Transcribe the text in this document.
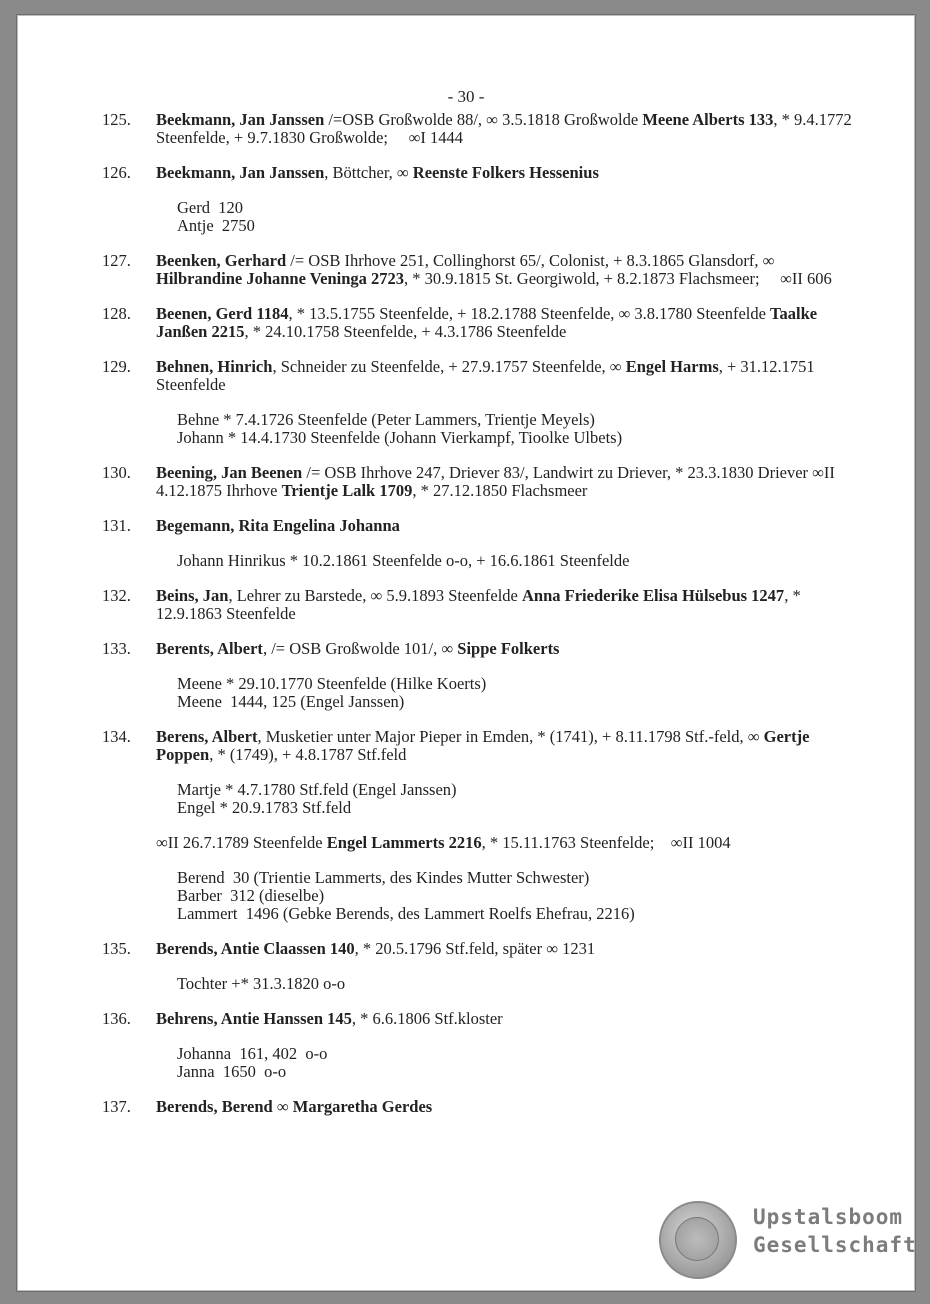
- 30 -
125. Beekmann, Jan Janssen /=OSB Großwolde 88/, ∞ 3.5.1818 Großwolde Meene Alberts 133, * 9.4.1772 Steenfelde, + 9.7.1830 Großwolde;     ∞I 1444
126. Beekmann, Jan Janssen, Böttcher, ∞ Reenste Folkers Hessenius
Gerd  120
Antje  2750
127. Beenken, Gerhard /= OSB Ihrhove 251, Collinghorst 65/, Colonist, + 8.3.1865 Glansdorf, ∞ Hilbrandine Johanne Veninga 2723, * 30.9.1815 St. Georgiwold, + 8.2.1873 Flachsmeer;     ∞II 606
128. Beenen, Gerd 1184, * 13.5.1755 Steenfelde, + 18.2.1788 Steenfelde, ∞ 3.8.1780 Steenfelde Taalke Janßen 2215, * 24.10.1758 Steenfelde, + 4.3.1786 Steenfelde
129. Behnen, Hinrich, Schneider zu Steenfelde, + 27.9.1757 Steenfelde, ∞ Engel Harms, + 31.12.1751 Steenfelde
Behne * 7.4.1726 Steenfelde (Peter Lammers, Trientje Meyels)
Johann * 14.4.1730 Steenfelde (Johann Vierkampf, Tioolke Ulbets)
130. Beening, Jan Beenen /= OSB Ihrhove 247, Driever 83/, Landwirt zu Driever, * 23.3.1830 Driever ∞II 4.12.1875 Ihrhove Trientje Lalk 1709, * 27.12.1850 Flachsmeer
131. Begemann, Rita Engelina Johanna
Johann Hinrikus * 10.2.1861 Steenfelde o-o, + 16.6.1861 Steenfelde
132. Beins, Jan, Lehrer zu Barstede, ∞ 5.9.1893 Steenfelde Anna Friederike Elisa Hülsebus 1247, * 12.9.1863 Steenfelde
133. Berents, Albert, /= OSB Großwolde 101/, ∞ Sippe Folkerts
Meene * 29.10.1770 Steenfelde (Hilke Koerts)
Meene  1444, 125 (Engel Janssen)
134. Berens, Albert, Musketier unter Major Pieper in Emden, * (1741), + 8.11.1798 Stf.-feld, ∞ Gertje Poppen, * (1749), + 4.8.1787 Stf.feld
Martje * 4.7.1780 Stf.feld (Engel Janssen)
Engel * 20.9.1783 Stf.feld
∞II 26.7.1789 Steenfelde Engel Lammerts 2216, * 15.11.1763 Steenfelde;    ∞II 1004
Berend  30 (Trientie Lammerts, des Kindes Mutter Schwester)
Barber  312 (dieselbe)
Lammert  1496 (Gebke Berends, des Lammert Roelfs Ehefrau, 2216)
135. Berends, Antie Claassen 140, * 20.5.1796 Stf.feld, später ∞ 1231
Tochter +* 31.3.1820 o-o
136. Behrens, Antie Hanssen 145, * 6.6.1806 Stf.kloster
Johanna  161, 402  o-o
Janna  1650  o-o
137. Berends, Berend ∞ Margaretha Gerdes
Upstalsboom
Gesellschaft
